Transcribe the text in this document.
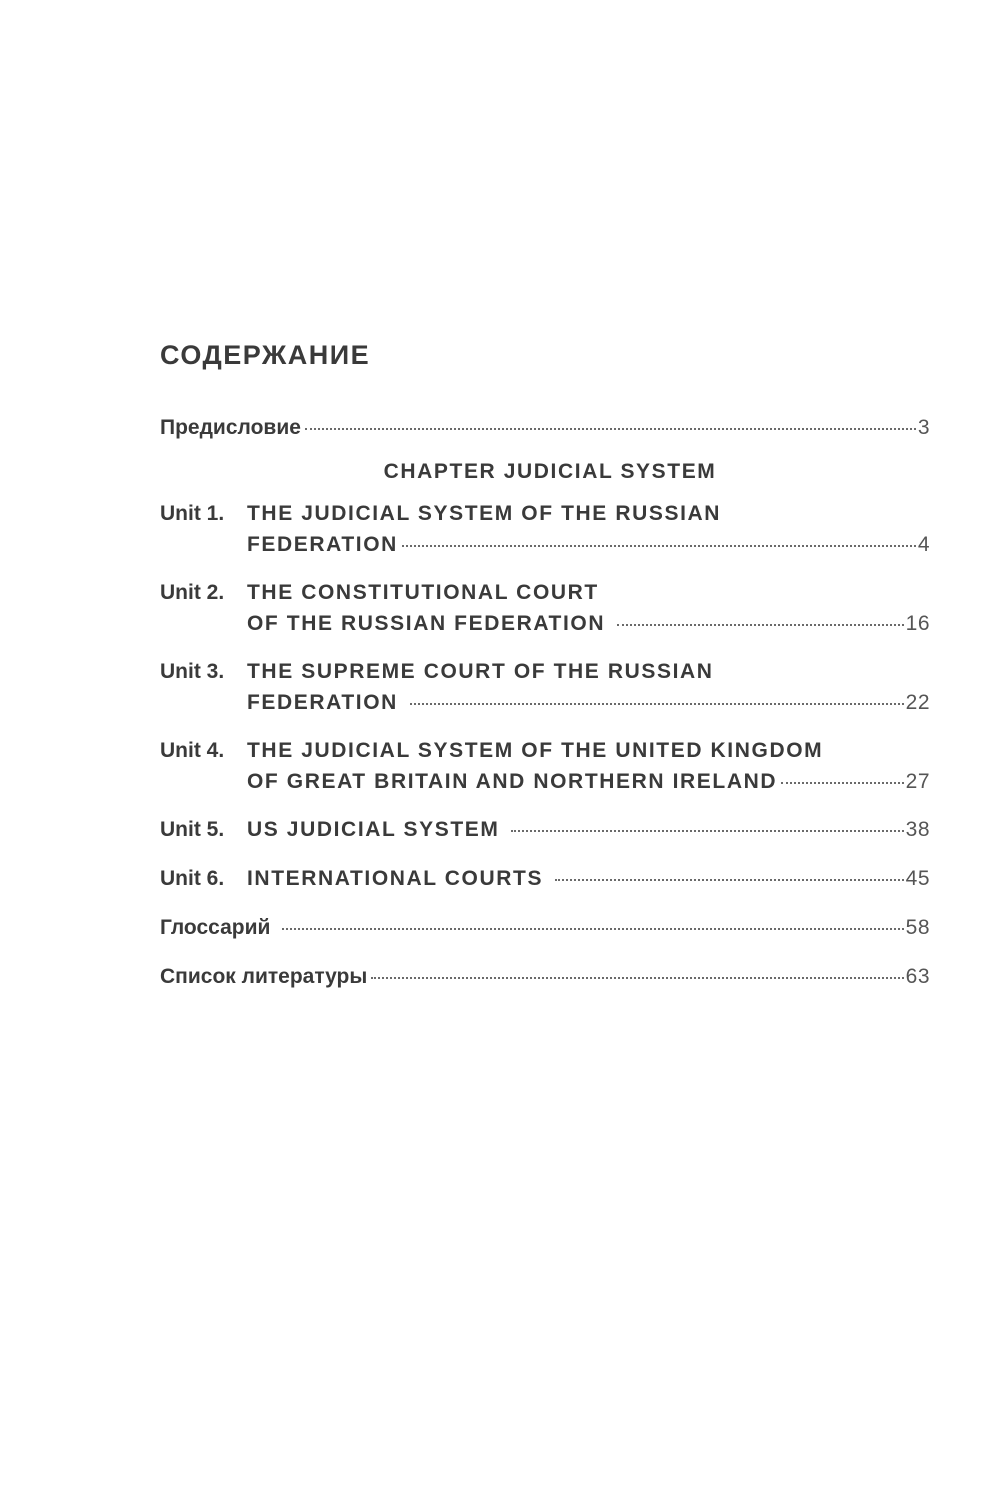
СОДЕРЖАНИЕ
Предисловие	3
CHAPTER JUDICIAL SYSTEM
Unit 1.	THE JUDICIAL SYSTEM OF THE RUSSIAN
FEDERATION	4
Unit 2.	THE CONSTITUTIONAL COURT
OF THE RUSSIAN FEDERATION	16
Unit 3.	THE SUPREME COURT OF THE RUSSIAN
FEDERATION	22
Unit 4.	THE JUDICIAL SYSTEM OF THE UNITED KINGDOM
OF GREAT BRITAIN AND NORTHERN IRELAND	27
Unit 5.	US JUDICIAL SYSTEM	38
Unit 6.	INTERNATIONAL COURTS	45
Глоссарий	58
Список литературы	63
